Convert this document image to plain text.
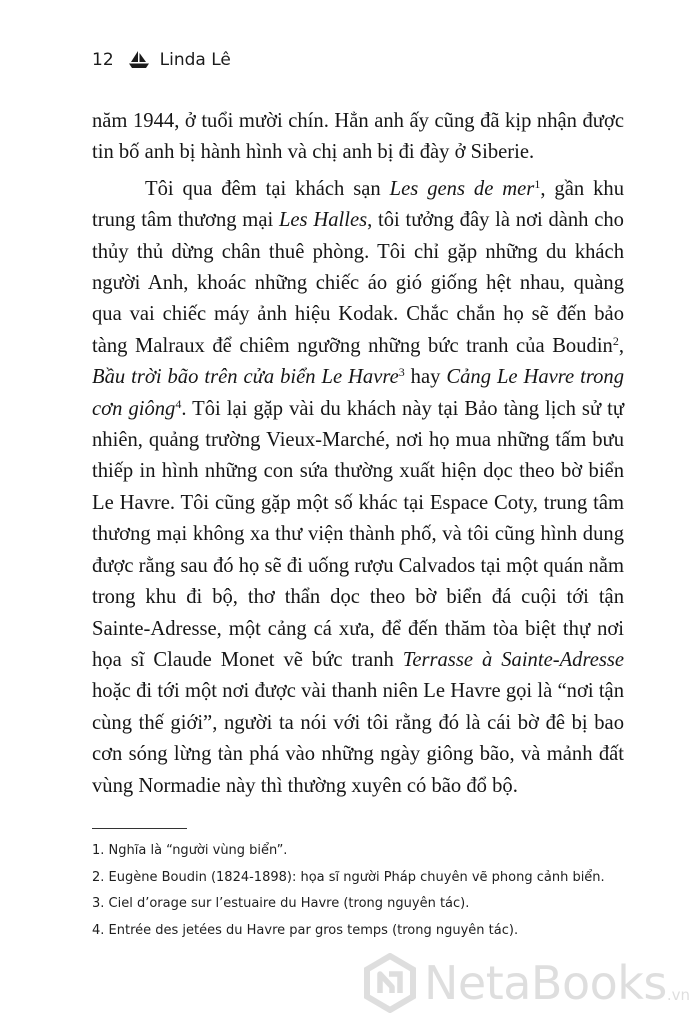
12	Linda Lê

năm 1944, ở tuổi mười chín. Hẳn anh ấy cũng đã kịp nhận được tin bố anh bị hành hình và chị anh bị đi đày ở Siberie.

Tôi qua đêm tại khách sạn Les gens de mer$^1$, gần khu trung tâm thương mại Les Halles, tôi tưởng đây là nơi dành cho thủy thủ dừng chân thuê phòng. Tôi chỉ gặp những du khách người Anh, khoác những chiếc áo gió giống hệt nhau, quàng qua vai chiếc máy ảnh hiệu Kodak. Chắc chắn họ sẽ đến bảo tàng Malraux để chiêm ngưỡng những bức tranh của Boudin$^2$, Bầu trời bão trên cửa biển Le Havre$^3$ hay Cảng Le Havre trong cơn giông$^4$. Tôi lại gặp vài du khách này tại Bảo tàng lịch sử tự nhiên, quảng trường Vieux-Marché, nơi họ mua những tấm bưu thiếp in hình những con sứa thường xuất hiện dọc theo bờ biển Le Havre. Tôi cũng gặp một số khác tại Espace Coty, trung tâm thương mại không xa thư viện thành phố, và tôi cũng hình dung được rằng sau đó họ sẽ đi uống rượu Calvados tại một quán nằm trong khu đi bộ, thơ thẩn dọc theo bờ biển đá cuội tới tận Sainte-Adresse, một cảng cá xưa, để đến thăm tòa biệt thự nơi họa sĩ Claude Monet vẽ bức tranh Terrasse à Sainte-Adresse hoặc đi tới một nơi được vài thanh niên Le Havre gọi là “nơi tận cùng thế giới”, người ta nói với tôi rằng đó là cái bờ đê bị bao cơn sóng lừng tàn phá vào những ngày giông bão, và mảnh đất vùng Normadie này thì thường xuyên có bão đổ bộ.

1. Nghĩa là “người vùng biển”.
2. Eugène Boudin (1824-1898): họa sĩ người Pháp chuyên vẽ phong cảnh biển.
3. Ciel d’orage sur l’estuaire du Havre (trong nguyên tác).
4. Entrée des jetées du Havre par gros temps (trong nguyên tác).
NetaBooks .vn
